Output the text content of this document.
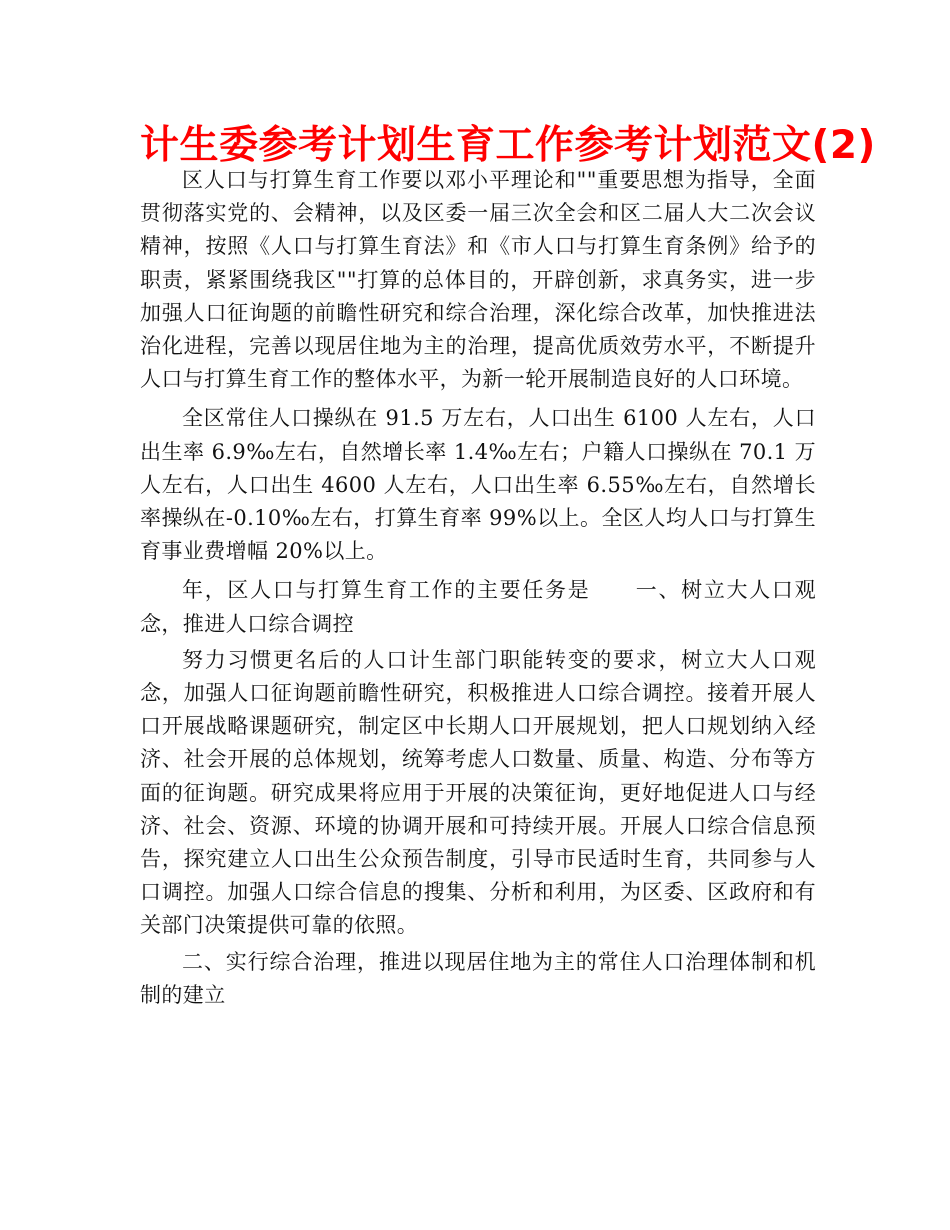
计生委参考计划生育工作参考计划范文(2)

区人口与打算生育工作要以邓小平理论和""重要思想为指导，全面贯彻落实党的、会精神，以及区委一届三次全会和区二届人大二次会议精神，按照《人口与打算生育法》和《市人口与打算生育条例》给予的职责，紧紧围绕我区""打算的总体目的，开辟创新，求真务实，进一步加强人口征询题的前瞻性研究和综合治理，深化综合改革，加快推进法治化进程，完善以现居住地为主的治理，提高优质效劳水平，不断提升人口与打算生育工作的整体水平，为新一轮开展制造良好的人口环境。

全区常住人口操纵在 91.5 万左右，人口出生 6100 人左右，人口出生率 6.9‰左右，自然增长率 1.4‰左右；户籍人口操纵在 70.1 万人左右，人口出生 4600 人左右，人口出生率 6.55‰左右，自然增长率操纵在-0.10‰左右，打算生育率 99%以上。全区人均人口与打算生育事业费增幅 20%以上。

年，区人口与打算生育工作的主要任务是　　一、树立大人口观念，推进人口综合调控

努力习惯更名后的人口计生部门职能转变的要求，树立大人口观念，加强人口征询题前瞻性研究，积极推进人口综合调控。接着开展人口开展战略课题研究，制定区中长期人口开展规划，把人口规划纳入经济、社会开展的总体规划，统筹考虑人口数量、质量、构造、分布等方面的征询题。研究成果将应用于开展的决策征询，更好地促进人口与经济、社会、资源、环境的协调开展和可持续开展。开展人口综合信息预告，探究建立人口出生公众预告制度，引导市民适时生育，共同参与人口调控。加强人口综合信息的搜集、分析和利用，为区委、区政府和有关部门决策提供可靠的依照。

二、实行综合治理，推进以现居住地为主的常住人口治理体制和机制的建立
